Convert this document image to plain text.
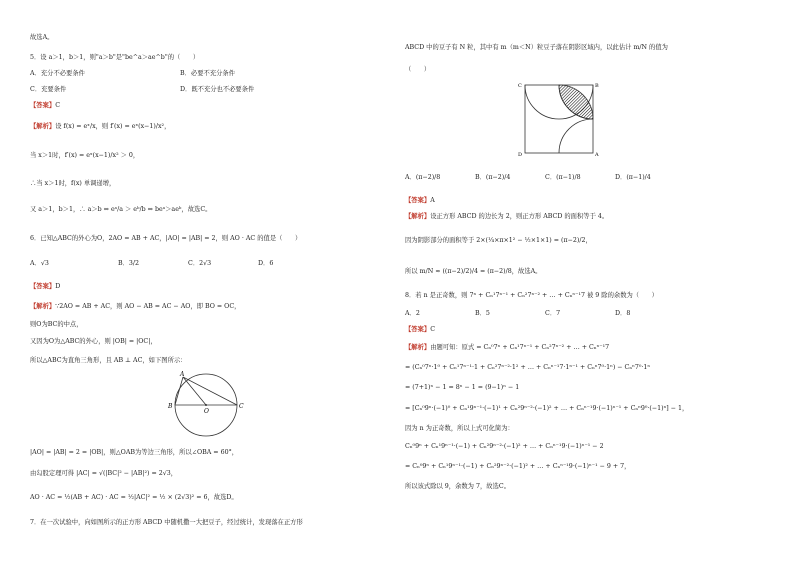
故选A。
5．设 a＞1，b＞1，则"a＞b"是"be^a＞ae^b"的（　　）
A．充分不必要条件	B．必要不充分条件
C．充要条件	D．既不充分也不必要条件
【答案】C
【解析】设 f(x) = eˣ/x，则 f′(x) = eˣ(x−1)/x²，
当 x＞1时，f′(x) = eˣ(x−1)/x² ＞ 0，
∴当 x＞1时，f(x) 单调递增，
又 a＞1，b＞1，∴ a＞b ⇔ eᵃ/a ＞ eᵇ/b ⇔ beᵃ＞aeᵇ，故选C。
6．已知△ABC的外心为O，2AO = AB + AC，|AO| = |AB| = 2，则 AO · AC 的值是（　　）
A．√3	B．3/2	C．2√3	D．6
【答案】D
【解析】∵2AO = AB + AC，则 AO − AB = AC − AO，即 BO = OC，
则O为BC的中点，
又因为O为△ABC的外心，则 |OB| = |OC|，
所以△ABC为直角三角形，且 AB ⊥ AC，如下图所示：
A
B
O
C
|AO| = |AB| = 2 = |OB|，则△OAB为等边三角形，所以∠OBA = 60°，
由勾股定理可得 |AC| = √(|BC|² − |AB|²) = 2√3，
AO · AC = ½(AB + AC) · AC = ½|AC|² = ½ × (2√3)² = 6，故选D。
7．在一次试验中，向如图所示的正方形 ABCD 中随机撒一大把豆子，经过统计，发现落在正方形
ABCD 中的豆子有 N 粒，其中有 m（m＜N）粒豆子落在阴影区域内，以此估计 m/N 的值为
（　　）
C	B
D	A
A．(π−2)/8	B．(π−2)/4	C．(π−1)/8	D．(π−1)/4
【答案】A
【解析】设正方形 ABCD 的边长为 2，则正方形 ABCD 的面积等于 4。
因为阴影部分的面积等于 2×(¼×π×1² − ½×1×1) = (π−2)/2，
所以 m/N ≈ ((π−2)/2)/4 = (π−2)/8，故选A。
8．若 n 是正奇数，则 7ⁿ + Cₙ¹7ⁿ⁻¹ + Cₙ²7ⁿ⁻² + … + Cₙⁿ⁻¹7 被 9 除的余数为（　　）
A．2	B．5	C．7	D．8
【答案】C
【解析】由题可知：原式 = Cₙ⁰7ⁿ + Cₙ¹7ⁿ⁻¹ + Cₙ²7ⁿ⁻² + … + Cₙⁿ⁻¹7
= (Cₙ⁰7ⁿ·1⁰ + Cₙ¹7ⁿ⁻¹·1 + Cₙ²7ⁿ⁻²·1² + … + Cₙⁿ⁻¹7·1ⁿ⁻¹ + Cₙⁿ7⁰·1ⁿ) − Cₙⁿ7⁰·1ⁿ
= (7+1)ⁿ − 1 = 8ⁿ − 1 = (9−1)ⁿ − 1
= [Cₙ⁰9ⁿ·(−1)⁰ + Cₙ¹9ⁿ⁻¹·(−1)¹ + Cₙ²9ⁿ⁻²·(−1)² + … + Cₙⁿ⁻¹9·(−1)ⁿ⁻¹ + Cₙⁿ9⁰·(−1)ⁿ] − 1，
因为 n 为正奇数，所以上式可化简为：
Cₙ⁰9ⁿ + Cₙ¹9ⁿ⁻¹·(−1) + Cₙ²9ⁿ⁻²·(−1)² + … + Cₙⁿ⁻¹9·(−1)ⁿ⁻¹ − 2
= Cₙ⁰9ⁿ + Cₙ¹9ⁿ⁻¹·(−1) + Cₙ²9ⁿ⁻²·(−1)² + … + Cₙⁿ⁻¹9·(−1)ⁿ⁻¹ − 9 + 7，
所以该式除以 9，余数为 7，故选C。
